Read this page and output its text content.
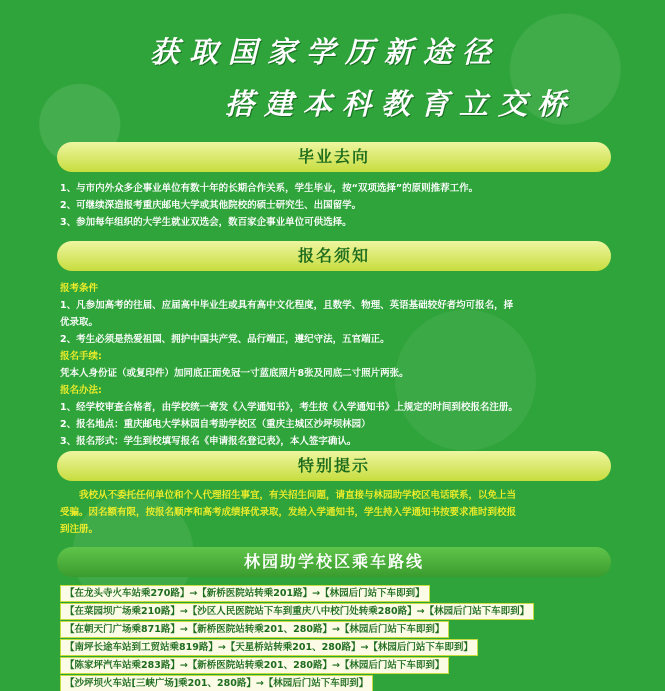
获取国家学历新途径
搭建本科教育立交桥
毕业去向

1、与市内外众多企事业单位有数十年的长期合作关系，学生毕业，按“双项选择”的原则推荐工作。

2、可继续深造报考重庆邮电大学或其他院校的硕士研究生、出国留学。

3、参加每年组织的大学生就业双选会，数百家企事业单位可供选择。

报名须知

报考条件

1、凡参加高考的往届、应届高中毕业生或具有高中文化程度，且数学、物理、英语基础较好者均可报名，择

优录取。

2、考生必须是热爱祖国、拥护中国共产党、品行端正，遵纪守法，五官端正。

报名手续:

凭本人身份证（或复印件）加同底正面免冠一寸蓝底照片8张及同底二寸照片两张。

报名办法:

1、经学校审查合格者，由学校统一寄发《入学通知书》，考生按《入学通知书》上规定的时间到校报名注册。

2、报名地点：重庆邮电大学林园自考助学校区（重庆主城区沙坪坝林园）

3、报名形式：学生到校填写报名《申请报名登记表》，本人签字确认。

特别提示

　　我校从不委托任何单位和个人代理招生事宜，有关招生问题，请直接与林园助学校区电话联系，以免上当

受骗。因名额有限，按报名顺序和高考成绩择优录取，发给入学通知书，学生持入学通知书按要求准时到校报

到注册。

林园助学校区乘车路线
【在龙头寺火车站乘270路】→【新桥医院站转乘201路】→【林园后门站下车即到】
【在菜园坝广场乘210路】→【沙区人民医院站下车到重庆八中校门处转乘280路】→【林园后门站下车即到】
【在朝天门广场乘871路】→【新桥医院站转乘201、280路】→【林园后门站下车即到】
【南坪长途车站到工贸站乘819路】→【天星桥站转乘201、280路】→【林园后门站下车即到】
【陈家坪汽车站乘283路】→【新桥医院站转乘201、280路】→【林园后门站下车即到】
【沙坪坝火车站[三峡广场]乘201、280路】→【林园后门站下车即到】
